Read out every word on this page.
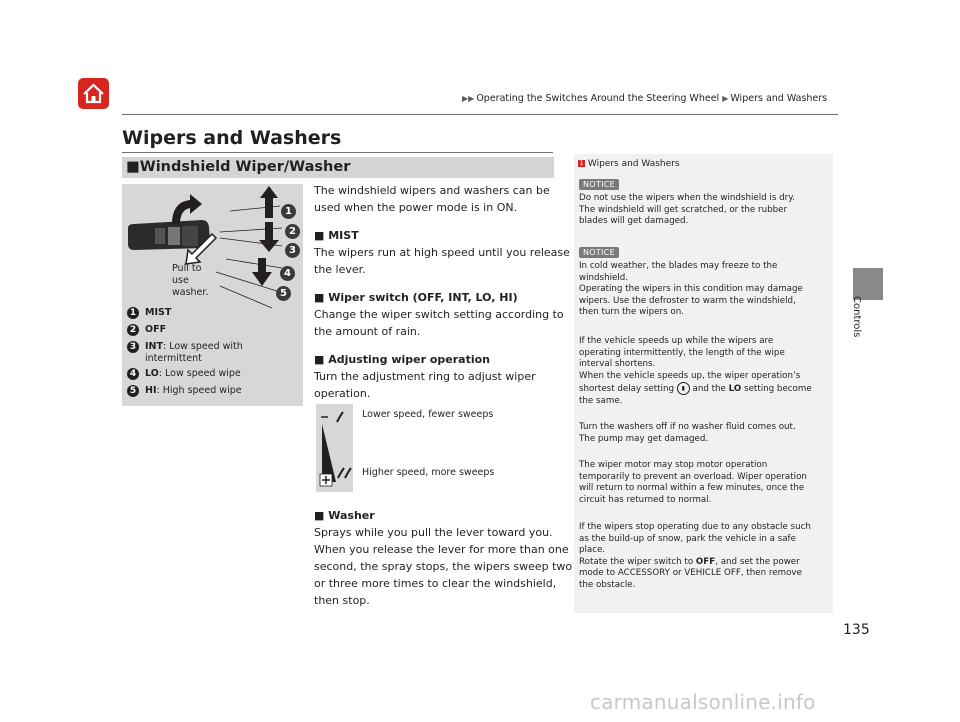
▶▶ Operating the Switches Around the Steering Wheel ▶ Wipers and Washers
Controls
Wipers and Washers
■Windshield Wiper/Washer
1
2
3
4
5
Pull to
use
washer.
1 MIST
2 OFF
3 INT: Low speed with
intermittent
4 LO: Low speed wipe
5 HI: High speed wipe
The windshield wipers and washers can be
used when the power mode is in ON.
■ MIST
The wipers run at high speed until you release
the lever.
■ Wiper switch (OFF, INT, LO, HI)
Change the wiper switch setting according to
the amount of rain.
■ Adjusting wiper operation
Turn the adjustment ring to adjust wiper
operation.
Lower speed, fewer sweeps
Higher speed, more sweeps
■ Washer
Sprays while you pull the lever toward you.
When you release the lever for more than one
second, the spray stops, the wipers sweep two
or three more times to clear the windshield,
then stop.
1 Wipers and Washers
NOTICE
Do not use the wipers when the windshield is dry.
The windshield will get scratched, or the rubber
blades will get damaged.
NOTICE
In cold weather, the blades may freeze to the
windshield.
Operating the wipers in this condition may damage
wipers. Use the defroster to warm the windshield,
then turn the wipers on.
If the vehicle speeds up while the wipers are
operating intermittently, the length of the wipe
interval shortens.
When the vehicle speeds up, the wiper operation’s
shortest delay setting ▮ and the LO setting become
the same.
Turn the washers off if no washer fluid comes out.
The pump may get damaged.
The wiper motor may stop motor operation
temporarily to prevent an overload. Wiper operation
will return to normal within a few minutes, once the
circuit has returned to normal.
If the wipers stop operating due to any obstacle such
as the build-up of snow, park the vehicle in a safe
place.
Rotate the wiper switch to OFF, and set the power
mode to ACCESSORY or VEHICLE OFF, then remove
the obstacle.
135
carmanualsonline.info
